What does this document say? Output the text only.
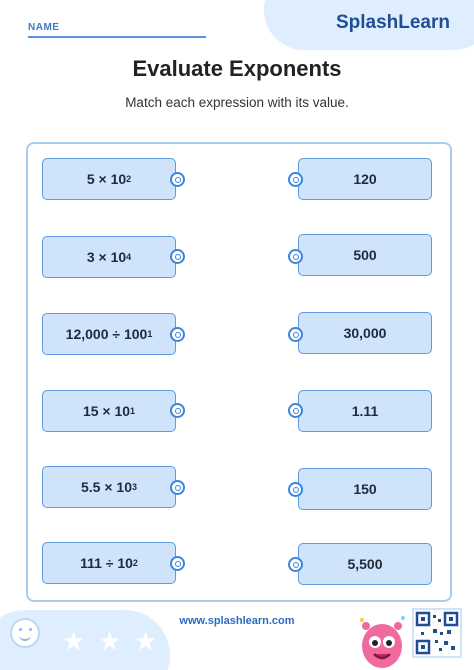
NAME	SplashLearn
Evaluate Exponents
Match each expression with its value.
5 × 10 2
3 × 10 4
12,000 ÷ 100 1
15 × 10 1
5.5 × 10 3
111 ÷ 10 2
120
500
30,000
1.11
150
5,500
★ ★ ★
www.splashlearn.com
